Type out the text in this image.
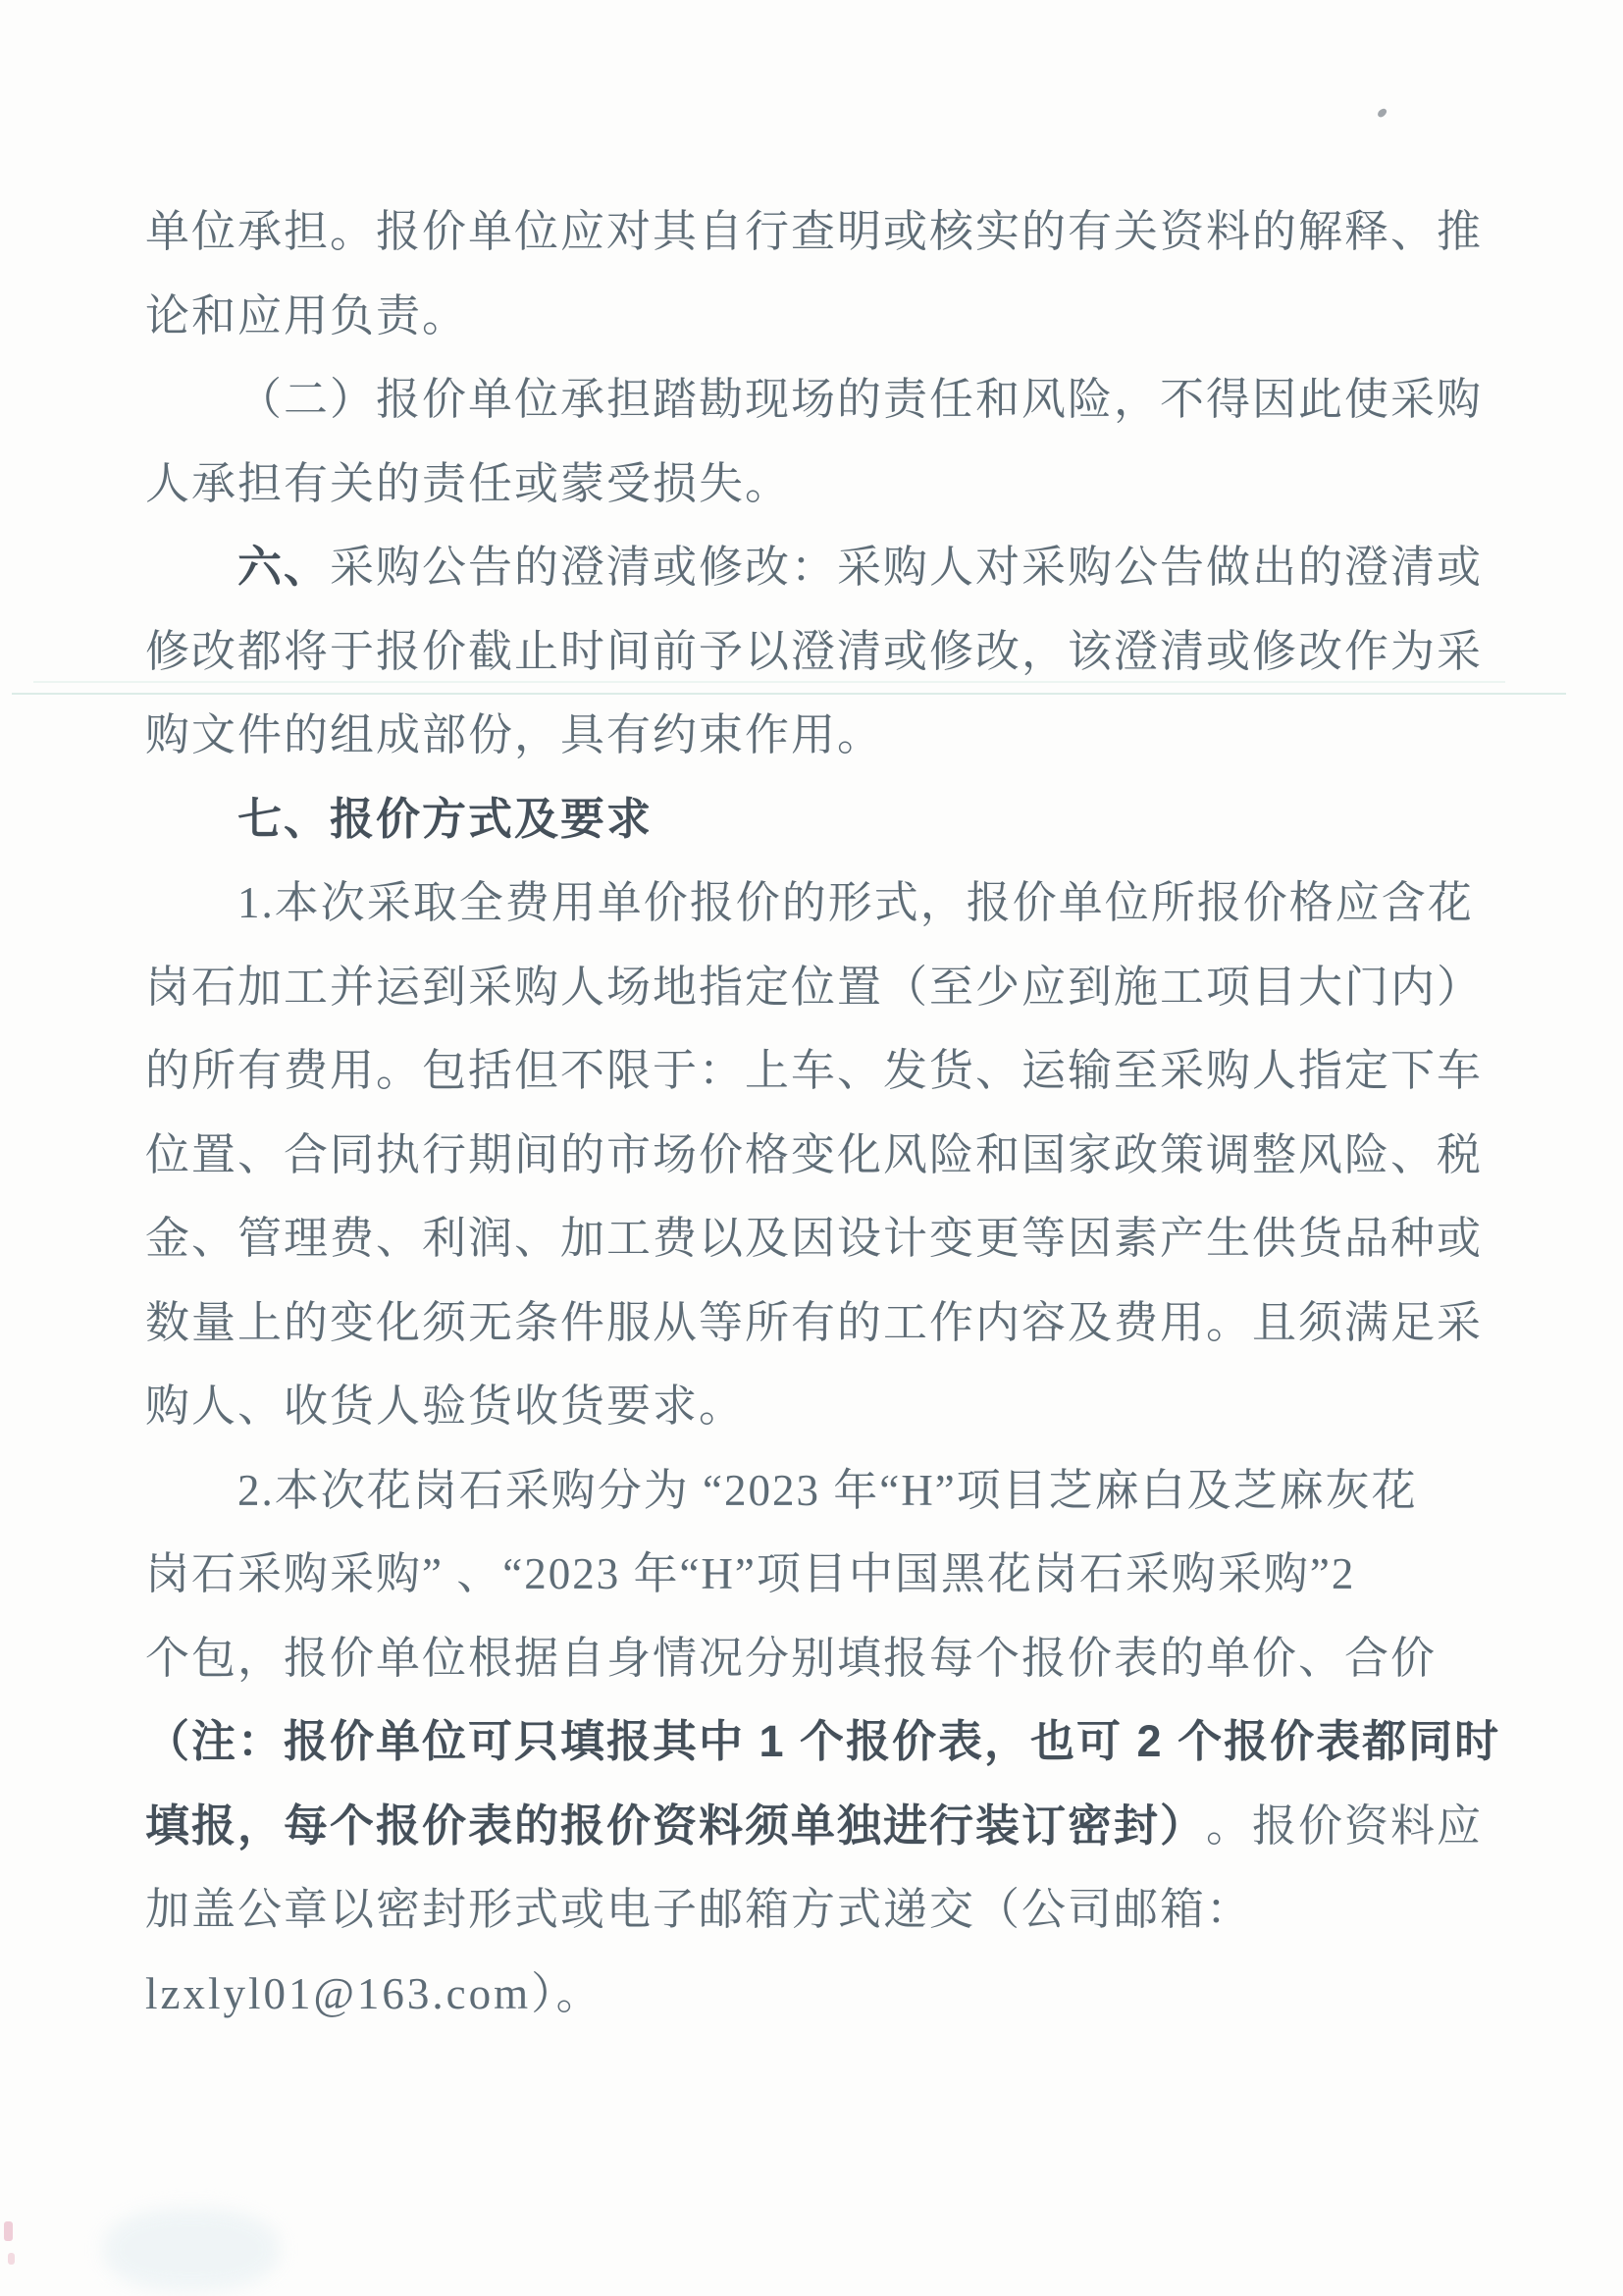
单位承担。报价单位应对其自行查明或核实的有关资料的解释、推
论和应用负责。
（二）报价单位承担踏勘现场的责任和风险，不得因此使采购
人承担有关的责任或蒙受损失。
六、 采购公告的澄清或修改：采购人对采购公告做出的澄清或
修改都将于报价截止时间前予以澄清或修改，该澄清或修改作为采
购文件的组成部份，具有约束作用。
七、报价方式及要求
1.本次采取全费用单价报价的形式，报价单位所报价格应含花
岗石加工并运到采购人场地指定位置（至少应到施工项目大门内）
的所有费用。包括但不限于：上车、发货、运输至采购人指定下车
位置、合同执行期间的市场价格变化风险和国家政策调整风险、税
金、管理费、利润、加工费以及因设计变更等因素产生供货品种或
数量上的变化须无条件服从等所有的工作内容及费用。且须满足采
购人、收货人验货收货要求。
2.本次花岗石采购分为 “2023 年“H”项目芝麻白及芝麻灰花
岗石采购采购” 、“2023 年“H”项目中国黑花岗石采购采购”2
个包，报价单位根据自身情况分别填报每个报价表的单价、合价
（注：报价单位可只填报其中 1 个报价表，也可 2 个报价表都同时
填报，每个报价表的报价资料须单独进行装订密封） 。报价资料应
加盖公章以密封形式或电子邮箱方式递交（公司邮箱：
lzxlyl01@163.com）。
